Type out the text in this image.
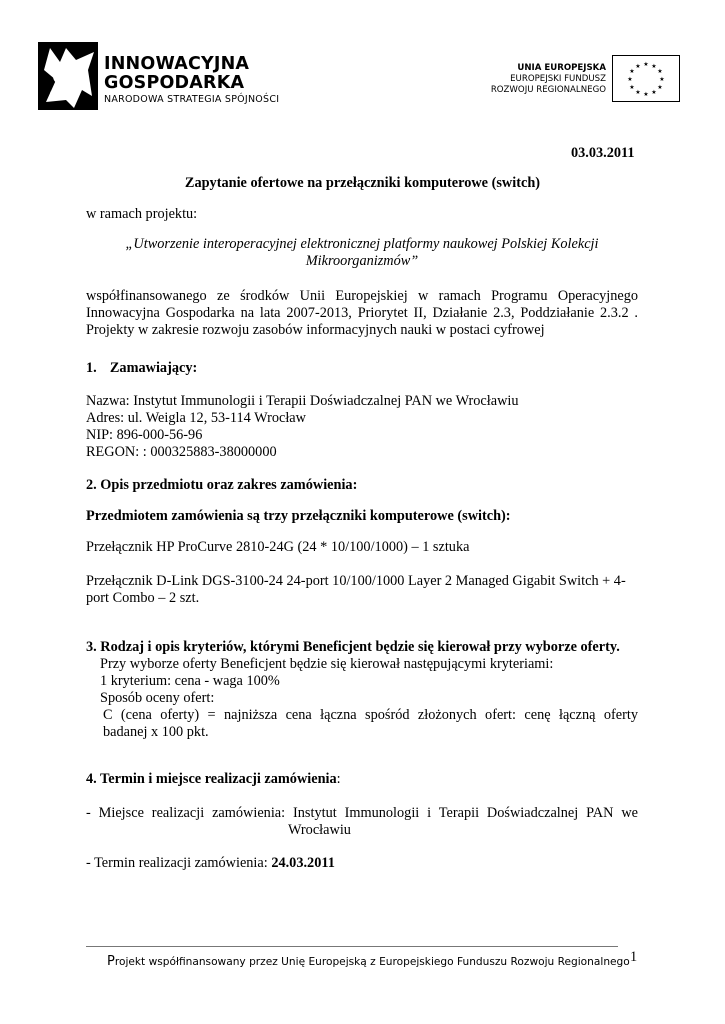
INNOWACYJNA
GOSPODARKA
NARODOWA STRATEGIA SPÓJNOŚCI
UNIA EUROPEJSKA
EUROPEJSKI FUNDUSZ
ROZWOJU REGIONALNEGO
★ ★
★
★
★
★
★
★
★
★
★
★
03.03.2011
Zapytanie ofertowe na przełączniki komputerowe (switch)
w ramach projektu:
„Utworzenie interoperacyjnej elektronicznej platformy naukowej Polskiej Kolekcji
Mikroorganizmów”
współfinansowanego ze środków Unii Europejskiej w ramach Programu Operacyjnego
Innowacyjna Gospodarka na lata 2007-2013, Priorytet II, Działanie 2.3, Poddziałanie 2.3.2 .
Projekty w zakresie rozwoju zasobów informacyjnych nauki w postaci cyfrowej
1. Zamawiający:
Nazwa: Instytut Immunologii i Terapii Doświadczalnej PAN we Wrocławiu
Adres: ul. Weigla 12, 53-114 Wrocław
NIP: 896-000-56-96
REGON: : 000325883-38000000
2. Opis przedmiotu oraz zakres zamówienia:
Przedmiotem zamówienia są trzy przełączniki komputerowe (switch):
Przełącznik HP ProCurve 2810-24G (24 * 10/100/1000) – 1 sztuka
Przełącznik D-Link DGS-3100-24 24-port 10/100/1000 Layer 2 Managed Gigabit Switch + 4-
port Combo – 2 szt.
3. Rodzaj i opis kryteriów, którymi Beneficjent będzie się kierował przy wyborze oferty.
Przy wyborze oferty Beneficjent będzie się kierował następującymi kryteriami:
1 kryterium: cena - waga 100%
Sposób oceny ofert:
C (cena oferty) = najniższa cena łączna spośród złożonych ofert: cenę łączną oferty
badanej x 100 pkt.
4. Termin i miejsce realizacji zamówienia:
- Miejsce realizacji zamówienia: Instytut Immunologii i Terapii Doświadczalnej PAN we
Wrocławiu
- Termin realizacji zamówienia: 24.03.2011
Projekt współfinansowany przez Unię Europejską z Europejskiego Funduszu Rozwoju Regionalnego 1
